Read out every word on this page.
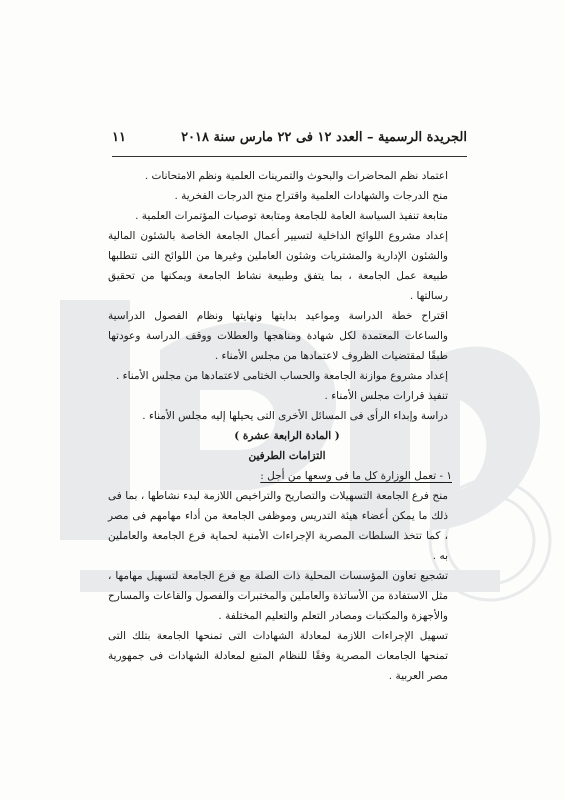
الجريدة الرسمية – العدد ١٢ فى ٢٢ مارس سنة ٢٠١٨
١١

اعتماد نظم المحاضرات والبحوث والتمرينات العلمية ونظم الامتحانات .

منح الدرجات والشهادات العلمية واقتراح منح الدرجات الفخرية .

متابعة تنفيذ السياسة العامة للجامعة ومتابعة توصيات المؤتمرات العلمية .

إعداد مشروع اللوائح الداخلية لتسيير أعمال الجامعة الخاصة بالشئون المالية والشئون الإدارية والمشتريات وشئون العاملين وغيرها من اللوائح التى تتطلبها طبيعة عمل الجامعة ، بما يتفق وطبيعة نشاط الجامعة ويمكنها من تحقيق رسالتها .

اقتراح خطة الدراسة ومواعيد بدايتها ونهايتها ونظام الفصول الدراسية والساعات المعتمدة لكل شهادة ومناهجها والعطلات ووقف الدراسة وعودتها طبقًا لمقتضيات الظروف لاعتمادها من مجلس الأمناء .

إعداد مشروع موازنة الجامعة والحساب الختامى لاعتمادها من مجلس الأمناء .

تنفيذ قرارات مجلس الأمناء .

دراسة وإبداء الرأى فى المسائل الأخرى التى يحيلها إليه مجلس الأمناء .

( المادة الرابعة عشرة )

التزامات الطرفين

١ - تعمل الوزارة كل ما فى وسعها من أجل :

منح فرع الجامعة التسهيلات والتصاريح والتراخيص اللازمة لبدء نشاطها ، بما فى ذلك ما يمكن أعضاء هيئة التدريس وموظفى الجامعة من أداء مهامهم فى مصر ، كما تتخذ السلطات المصرية الإجراءات الأمنية لحماية فرع الجامعة والعاملين به .

تشجيع تعاون المؤسسات المحلية ذات الصلة مع فرع الجامعة لتسهيل مهامها ، مثل الاستفادة من الأساتذة والعاملين والمختبرات والفصول والقاعات والمسارح والأجهزة والمكتبات ومصادر التعلم والتعليم المختلفة .

تسهيل الإجراءات اللازمة لمعادلة الشهادات التى تمنحها الجامعة بتلك التى تمنحها الجامعات المصرية وفقًا للنظام المتبع لمعادلة الشهادات فى جمهورية مصر العربية .
